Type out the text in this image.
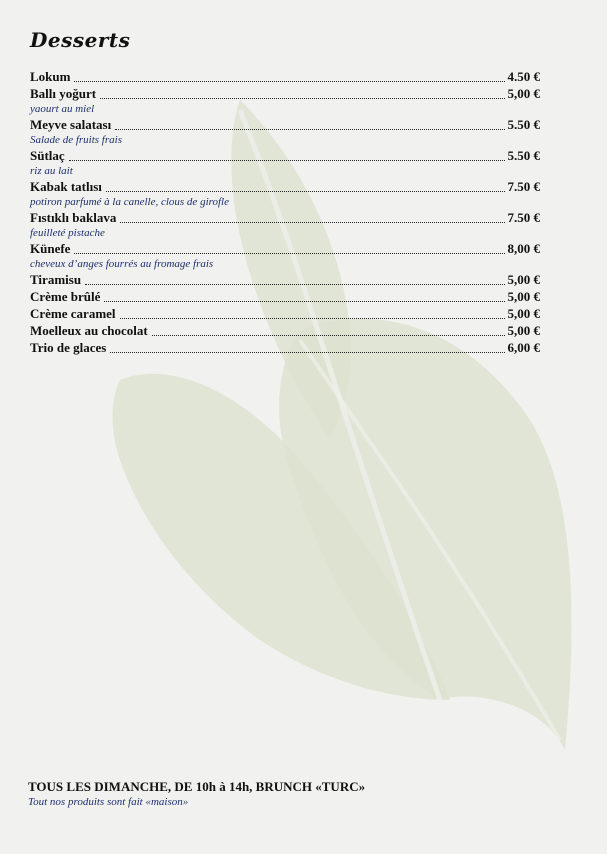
Desserts
Lokum	4.50 €
Ballı yoğurt	5,00 €
yaourt au miel
Meyve salatası	5.50 €
Salade de fruits frais
Sütlaç	5.50 €
riz au lait
Kabak tatlısı	7.50 €
potiron parfumé à la canelle, clous de girofle
Fıstıklı baklava	7.50 €
feuilleté pistache
Künefe	8,00 €
cheveux d’anges fourrés au fromage frais
Tiramisu	5,00 €
Crème brûlé	5,00 €
Crème caramel	5,00 €
Moelleux au chocolat	5,00 €
Trio de glaces	6,00 €
TOUS LES DIMANCHE, DE 10h à 14h, BRUNCH «TURC»
Tout nos produits sont fait «maison»
